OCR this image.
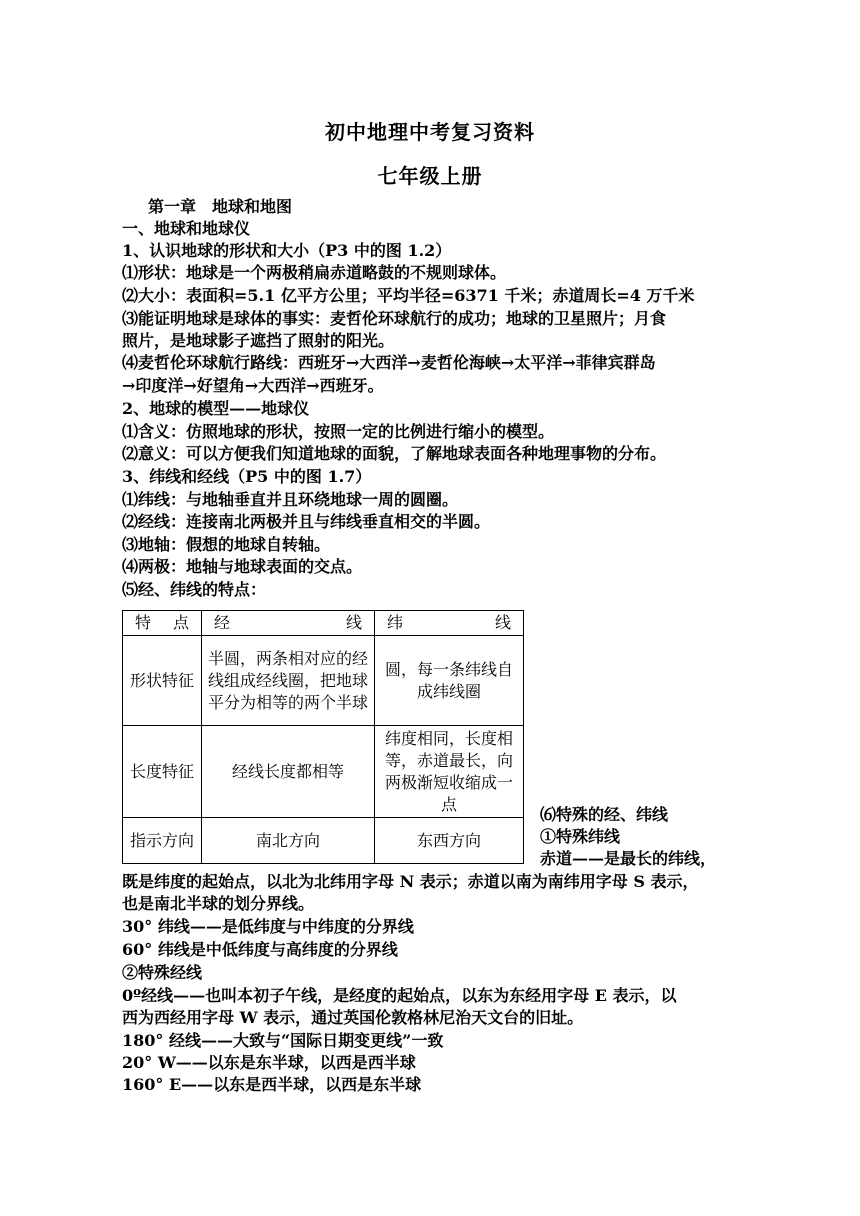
初中地理中考复习资料
七年级上册
第一章　地球和地图
一、地球和地球仪
1、认识地球的形状和大小（P3 中的图 1.2）
⑴形状：地球是一个两极稍扁赤道略鼓的不规则球体。
⑵大小：表面积=5.1 亿平方公里；平均半径=6371 千米；赤道周长=4 万千米
⑶能证明地球是球体的事实：麦哲伦环球航行的成功；地球的卫星照片；月食
照片，是地球影子遮挡了照射的阳光。
⑷麦哲伦环球航行路线：西班牙→大西洋→麦哲伦海峡→太平洋→菲律宾群岛
→印度洋→好望角→大西洋→西班牙。
2、地球的模型——地球仪
⑴含义：仿照地球的形状，按照一定的比例进行缩小的模型。
⑵意义：可以方便我们知道地球的面貌，了解地球表面各种地理事物的分布。
3、纬线和经线（P5 中的图 1.7）
⑴纬线：与地轴垂直并且环绕地球一周的圆圈。
⑵经线：连接南北两极并且与纬线垂直相交的半圆。
⑶地轴：假想的地球自转轴。
⑷两极：地轴与地球表面的交点。
⑸经、纬线的特点：
特 点	经 线	纬 线

形状特征	半圆，两条相对应的经线组成经线圈，把地球平分为相等的两个半球	圆，每一条纬线自成纬线圈
长度特征	经线长度都相等	纬度相同，长度相等，赤道最长，向两极渐短收缩成一点
指示方向	南北方向	东西方向
⑹特殊的经、纬线
①特殊纬线
赤道——是最长的纬线，
既是纬度的起始点，以北为北纬用字母 N 表示；赤道以南为南纬用字母 S 表示，
也是南北半球的划分界线。
30° 纬线——是低纬度与中纬度的分界线
60° 纬线是中低纬度与高纬度的分界线
②特殊经线
0º经线——也叫本初子午线，是经度的起始点，以东为东经用字母 E 表示，以
西为西经用字母 W 表示，通过英国伦敦格林尼治天文台的旧址。
180° 经线——大致与“国际日期变更线”一致
20° W——以东是东半球，以西是西半球
160° E——以东是西半球，以西是东半球
